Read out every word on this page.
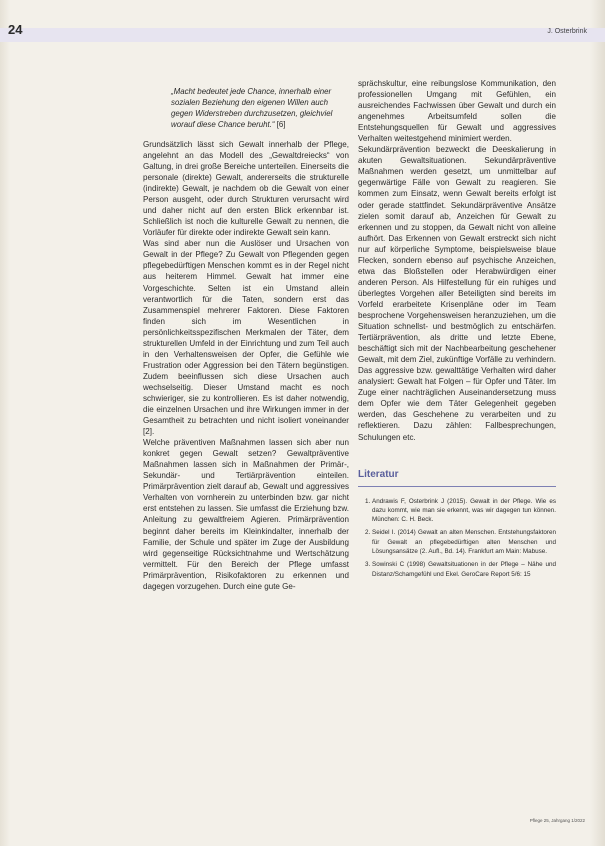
24	J. Osterbrink

„Macht bedeutet jede Chance, innerhalb einer sozialen Beziehung den eigenen Willen auch gegen Widerstreben durchzusetzen, gleichviel worauf diese Chance beruht.“ [6]

Grundsätzlich lässt sich Gewalt innerhalb der Pflege, angelehnt an das Modell des „Gewaltdreiecks“ von Galtung, in drei große Bereiche unterteilen. Einerseits die personale (direkte) Gewalt, andererseits die strukturelle (indirekte) Gewalt, je nachdem ob die Gewalt von einer Person ausgeht, oder durch Strukturen verursacht wird und daher nicht auf den ersten Blick erkennbar ist. Schließlich ist noch die kulturelle Gewalt zu nennen, die Vorläufer für direkte oder indirekte Gewalt sein kann.

Was sind aber nun die Auslöser und Ursachen von Gewalt in der Pflege? Zu Gewalt von Pflegenden gegen pflegebedürftigen Menschen kommt es in der Regel nicht aus heiterem Himmel. Gewalt hat immer eine Vorgeschichte. Selten ist ein Umstand allein verantwortlich für die Taten, sondern erst das Zusammenspiel mehrerer Faktoren. Diese Faktoren finden sich im Wesentlichen in persönlichkeitsspezifischen Merkmalen der Täter, dem strukturellen Umfeld in der Einrichtung und zum Teil auch in den Verhaltensweisen der Opfer, die Gefühle wie Frustration oder Aggression bei den Tätern begünstigen. Zudem beeinflussen sich diese Ursachen auch wechselseitig. Dieser Umstand macht es noch schwieriger, sie zu kontrollieren. Es ist daher notwendig, die einzelnen Ursachen und ihre Wirkungen immer in der Gesamtheit zu betrachten und nicht isoliert voneinander [2].

Welche präventiven Maßnahmen lassen sich aber nun konkret gegen Gewalt setzen? Gewaltpräventive Maßnahmen lassen sich in Maßnahmen der Primär-, Sekundär- und Tertiärprävention einteilen. Primärprävention zielt darauf ab, Gewalt und aggressives Verhalten von vornherein zu unterbinden bzw. gar nicht erst entstehen zu lassen. Sie umfasst die Erziehung bzw. Anleitung zu gewaltfreiem Agieren. Primärprävention beginnt daher bereits im Kleinkindalter, innerhalb der Familie, der Schule und später im Zuge der Ausbildung wird gegenseitige Rücksichtnahme und Wertschätzung vermittelt. Für den Bereich der Pflege umfasst Primärprävention, Risikofaktoren zu erkennen und dagegen vorzugehen. Durch eine gute Ge-

sprächskultur, eine reibungslose Kommunikation, den professionellen Umgang mit Gefühlen, ein ausreichendes Fachwissen über Gewalt und durch ein angenehmes Arbeitsumfeld sollen die Entstehungsquellen für Gewalt und aggressives Verhalten weitestgehend minimiert werden.

Sekundärprävention bezweckt die Deeskalierung in akuten Gewaltsituationen. Sekundärpräventive Maßnahmen werden gesetzt, um unmittelbar auf gegenwärtige Fälle von Gewalt zu reagieren. Sie kommen zum Einsatz, wenn Gewalt bereits erfolgt ist oder gerade stattfindet. Sekundärpräventive Ansätze zielen somit darauf ab, Anzeichen für Gewalt zu erkennen und zu stoppen, da Gewalt nicht von alleine aufhört. Das Erkennen von Gewalt erstreckt sich nicht nur auf körperliche Symptome, beispielsweise blaue Flecken, sondern ebenso auf psychische Anzeichen, etwa das Bloßstellen oder Herabwürdigen einer anderen Person. Als Hilfestellung für ein ruhiges und überlegtes Vorgehen aller Beteiligten sind bereits im Vorfeld erarbeitete Krisenpläne oder im Team besprochene Vorgehensweisen heranzuziehen, um die Situation schnellst- und bestmöglich zu entschärfen. Tertiärprävention, als dritte und letzte Ebene, beschäftigt sich mit der Nachbearbeitung geschehener Gewalt, mit dem Ziel, zukünftige Vorfälle zu verhindern. Das aggressive bzw. gewalttätige Verhalten wird daher analysiert: Gewalt hat Folgen – für Opfer und Täter. Im Zuge einer nachträglichen Auseinandersetzung muss dem Opfer wie dem Täter Gelegenheit gegeben werden, das Geschehene zu verarbeiten und zu reflektieren. Dazu zählen: Fallbesprechungen, Schulungen etc.

Literatur
1. Andrawis F, Osterbrink J (2015). Gewalt in der Pflege. Wie es dazu kommt, wie man sie erkennt, was wir dagegen tun können. München: C. H. Beck.
2. Seidel I. (2014) Gewalt an alten Menschen. Entstehungsfaktoren für Gewalt an pflegebedürftigen alten Menschen und Lösungsansätze (2. Aufl., Bd. 14). Frankfurt am Main: Mabuse.
3. Sowinski C (1998) Gewaltsituationen in der Pflege – Nähe und Distanz/Schamgefühl und Ekel. GeroCare Report 5/6: 15
Pflege 25, Jahrgang 1/2022
